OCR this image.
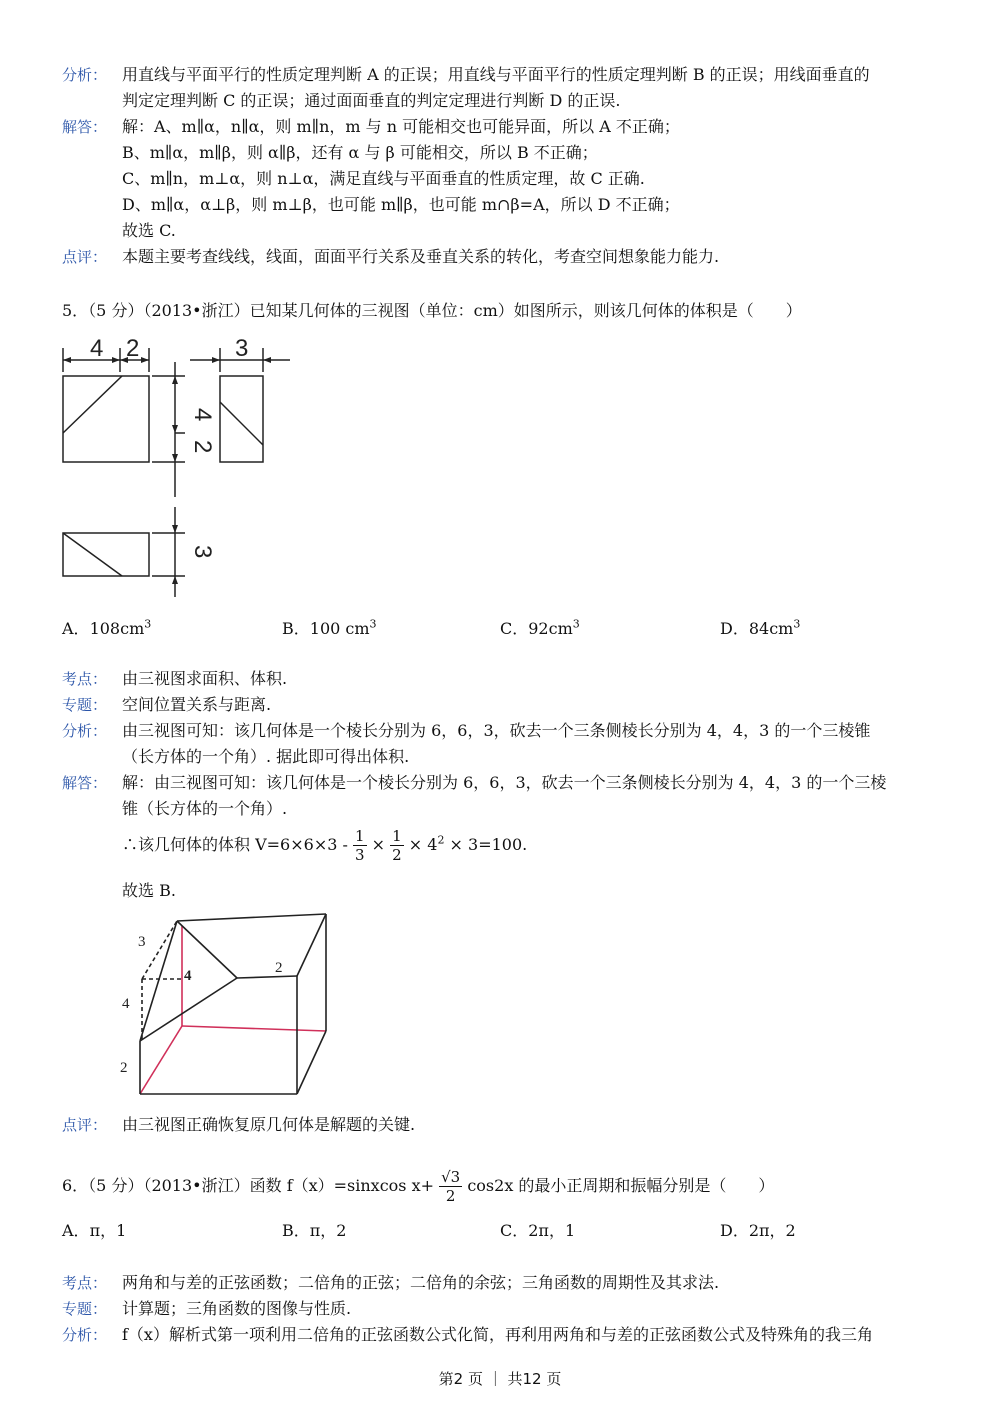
分析： 用直线与平面平行的性质定理判断 A 的正误；用直线与平面平行的性质定理判断 B 的正误；用线面垂直的
判定定理判断 C 的正误；通过面面垂直的判定定理进行判断 D 的正误.
解答： 解：A、m∥α，n∥α，则 m∥n，m 与 n 可能相交也可能异面，所以 A 不正确；
B、m∥α，m∥β，则 α∥β，还有 α 与 β 可能相交，所以 B 不正确；
C、m∥n，m⊥α，则 n⊥α，满足直线与平面垂直的性质定理，故 C 正确.
D、m∥α，α⊥β，则 m⊥β，也可能 m∥β，也可能 m∩β=A，所以 D 不正确；
故选 C.
点评： 本题主要考查线线，线面，面面平行关系及垂直关系的转化，考查空间想象能力能力.
5．（5 分）（2013•浙江）已知某几何体的三视图（单位：cm）如图所示，则该几何体的体积是（　　）
4 2	3
4
2
3
A．$108cm^3$	B．100 $cm^3$	C．$92cm^3$	D．$84cm^3$
考点： 由三视图求面积、体积.
专题： 空间位置关系与距离.
分析： 由三视图可知：该几何体是一个棱长分别为 6，6，3，砍去一个三条侧棱长分别为 4，4，3 的一个三棱锥
（长方体的一个角）. 据此即可得出体积.
解答： 解：由三视图可知：该几何体是一个棱长分别为 6，6，3，砍去一个三条侧棱长分别为 4，4，3 的一个三棱
锥（长方体的一个角）.
∴该几何体的体积 $V=6\times 6\times 3 - \frac{1}{3} \times \frac{1}{2} \times 4^2 \times 3=100$.
故选 B.
3
4
4
2
2
点评： 由三视图正确恢复原几何体是解题的关键.
6．（5 分）（2013•浙江）函数 f（x）=sinxcos $x+ \frac{√3}{2} \cos 2x$ 的最小正周期和振幅分别是（　　）
A．π，1	B．π，2	C．2π，1	D．2π，2
考点： 两角和与差的正弦函数；二倍角的正弦；二倍角的余弦；三角函数的周期性及其求法.
专题： 计算题；三角函数的图像与性质.
分析： f（x）解析式第一项利用二倍角的正弦函数公式化简，再利用两角和与差的正弦函数公式及特殊角的我三角
第2 页 ｜ 共12 页
